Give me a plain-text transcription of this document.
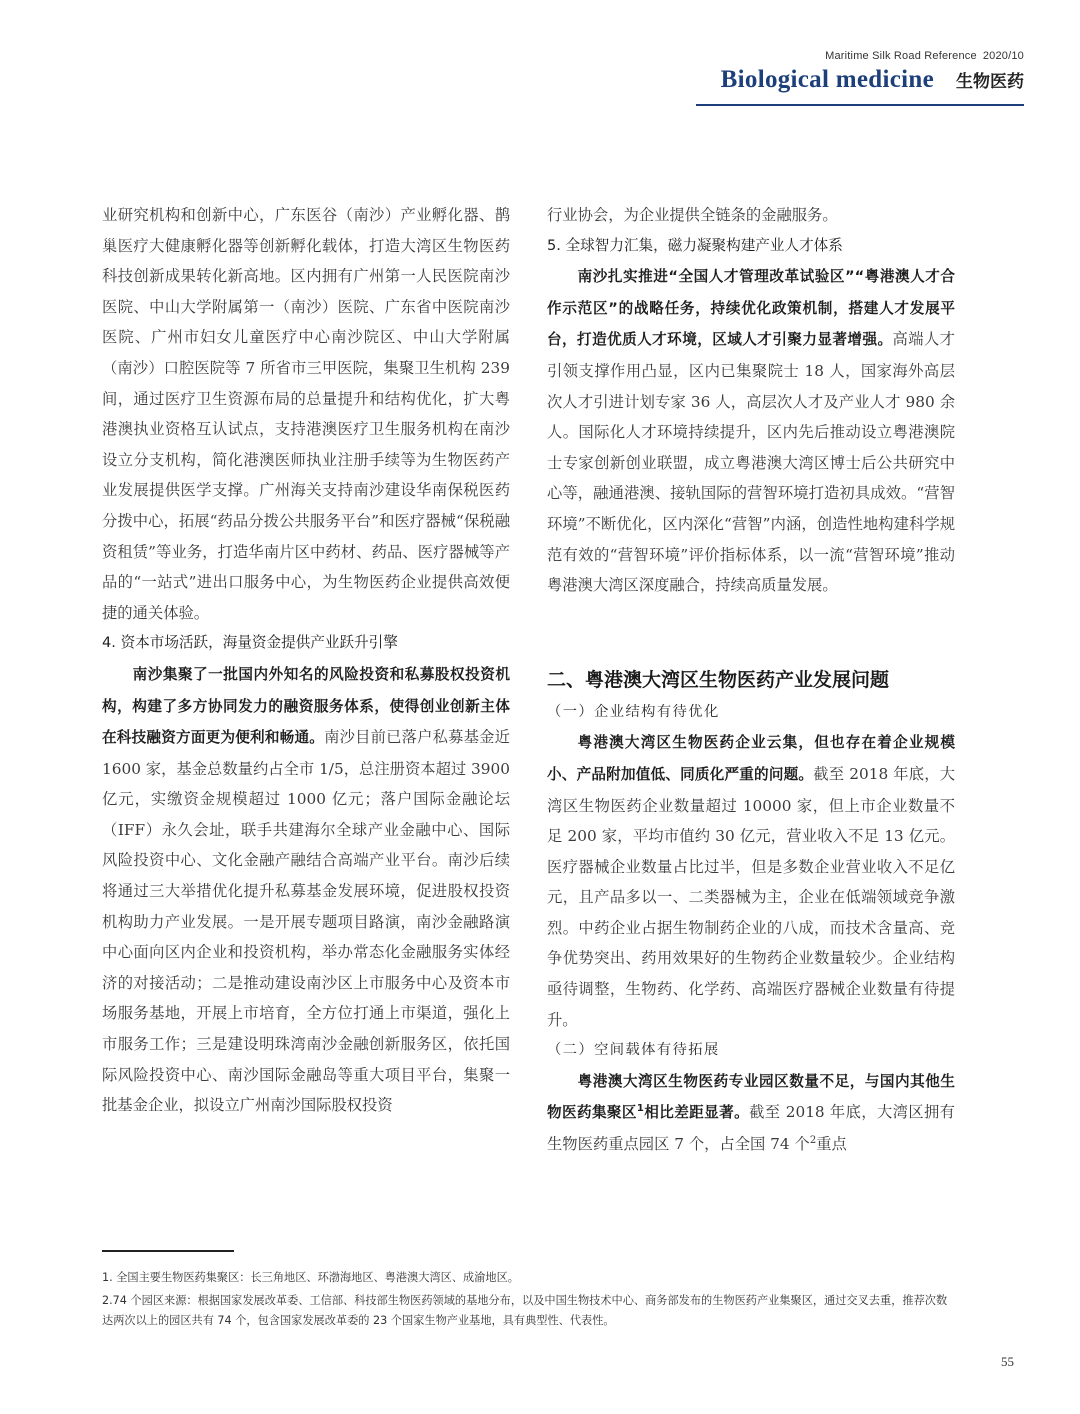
Maritime Silk Road Reference 2020/10
Biological medicine 生物医药

业研究机构和创新中心，广东医谷（南沙）产业孵化器、鹊巢医疗大健康孵化器等创新孵化载体，打造大湾区生物医药科技创新成果转化新高地。区内拥有广州第一人民医院南沙医院、中山大学附属第一（南沙）医院、广东省中医院南沙医院、广州市妇女儿童医疗中心南沙院区、中山大学附属（南沙）口腔医院等 7 所省市三甲医院，集聚卫生机构 239 间，通过医疗卫生资源布局的总量提升和结构优化，扩大粤港澳执业资格互认试点，支持港澳医疗卫生服务机构在南沙设立分支机构，简化港澳医师执业注册手续等为生物医药产业发展提供医学支撑。广州海关支持南沙建设华南保税医药分拨中心，拓展“药品分拨公共服务平台”和医疗器械“保税融资租赁”等业务，打造华南片区中药材、药品、医疗器械等产品的“一站式”进出口服务中心，为生物医药企业提供高效便捷的通关体验。

4. 资本市场活跃，海量资金提供产业跃升引擎

南沙集聚了一批国内外知名的风险投资和私募股权投资机构，构建了多方协同发力的融资服务体系，使得创业创新主体在科技融资方面更为便利和畅通。南沙目前已落户私募基金近 1600 家，基金总数量约占全市 1/5，总注册资本超过 3900 亿元，实缴资金规模超过 1000 亿元；落户国际金融论坛（IFF）永久会址，联手共建海尔全球产业金融中心、国际风险投资中心、文化金融产融结合高端产业平台。南沙后续将通过三大举措优化提升私募基金发展环境，促进股权投资机构助力产业发展。一是开展专题项目路演，南沙金融路演中心面向区内企业和投资机构，举办常态化金融服务实体经济的对接活动；二是推动建设南沙区上市服务中心及资本市场服务基地，开展上市培育，全方位打通上市渠道，强化上市服务工作；三是建设明珠湾南沙金融创新服务区，依托国际风险投资中心、南沙国际金融岛等重大项目平台，集聚一批基金企业，拟设立广州南沙国际股权投资

行业协会，为企业提供全链条的金融服务。

5. 全球智力汇集，磁力凝聚构建产业人才体系

南沙扎实推进“全国人才管理改革试验区”“粤港澳人才合作示范区”的战略任务，持续优化政策机制，搭建人才发展平台，打造优质人才环境，区域人才引聚力显著增强。高端人才引领支撑作用凸显，区内已集聚院士 18 人，国家海外高层次人才引进计划专家 36 人，高层次人才及产业人才 980 余人。国际化人才环境持续提升，区内先后推动设立粤港澳院士专家创新创业联盟，成立粤港澳大湾区博士后公共研究中心等，融通港澳、接轨国际的营智环境打造初具成效。“营智环境”不断优化，区内深化“营智”内涵，创造性地构建科学规范有效的“营智环境”评价指标体系，以一流“营智环境”推动粤港澳大湾区深度融合，持续高质量发展。

二、粤港澳大湾区生物医药产业发展问题

（一）企业结构有待优化

粤港澳大湾区生物医药企业云集，但也存在着企业规模小、产品附加值低、同质化严重的问题。截至 2018 年底，大湾区生物医药企业数量超过 10000 家，但上市企业数量不足 200 家，平均市值约 30 亿元，营业收入不足 13 亿元。医疗器械企业数量占比过半，但是多数企业营业收入不足亿元，且产品多以一、二类器械为主，企业在低端领域竞争激烈。中药企业占据生物制药企业的八成，而技术含量高、竞争优势突出、药用效果好的生物药企业数量较少。企业结构亟待调整，生物药、化学药、高端医疗器械企业数量有待提升。

（二）空间载体有待拓展

粤港澳大湾区生物医药专业园区数量不足，与国内其他生物医药集聚区$^1$相比差距显著。截至 2018 年底，大湾区拥有生物医药重点园区 7 个，占全国 74 个$^2$重点

1. 全国主要生物医药集聚区：长三角地区、环渤海地区、粤港澳大湾区、成渝地区。

2.74 个园区来源：根据国家发展改革委、工信部、科技部生物医药领域的基地分布，以及中国生物技术中心、商务部发布的生物医药产业集聚区，通过交叉去重，推荐次数达两次以上的园区共有 74 个，包含国家发展改革委的 23 个国家生物产业基地，具有典型性、代表性。

55
